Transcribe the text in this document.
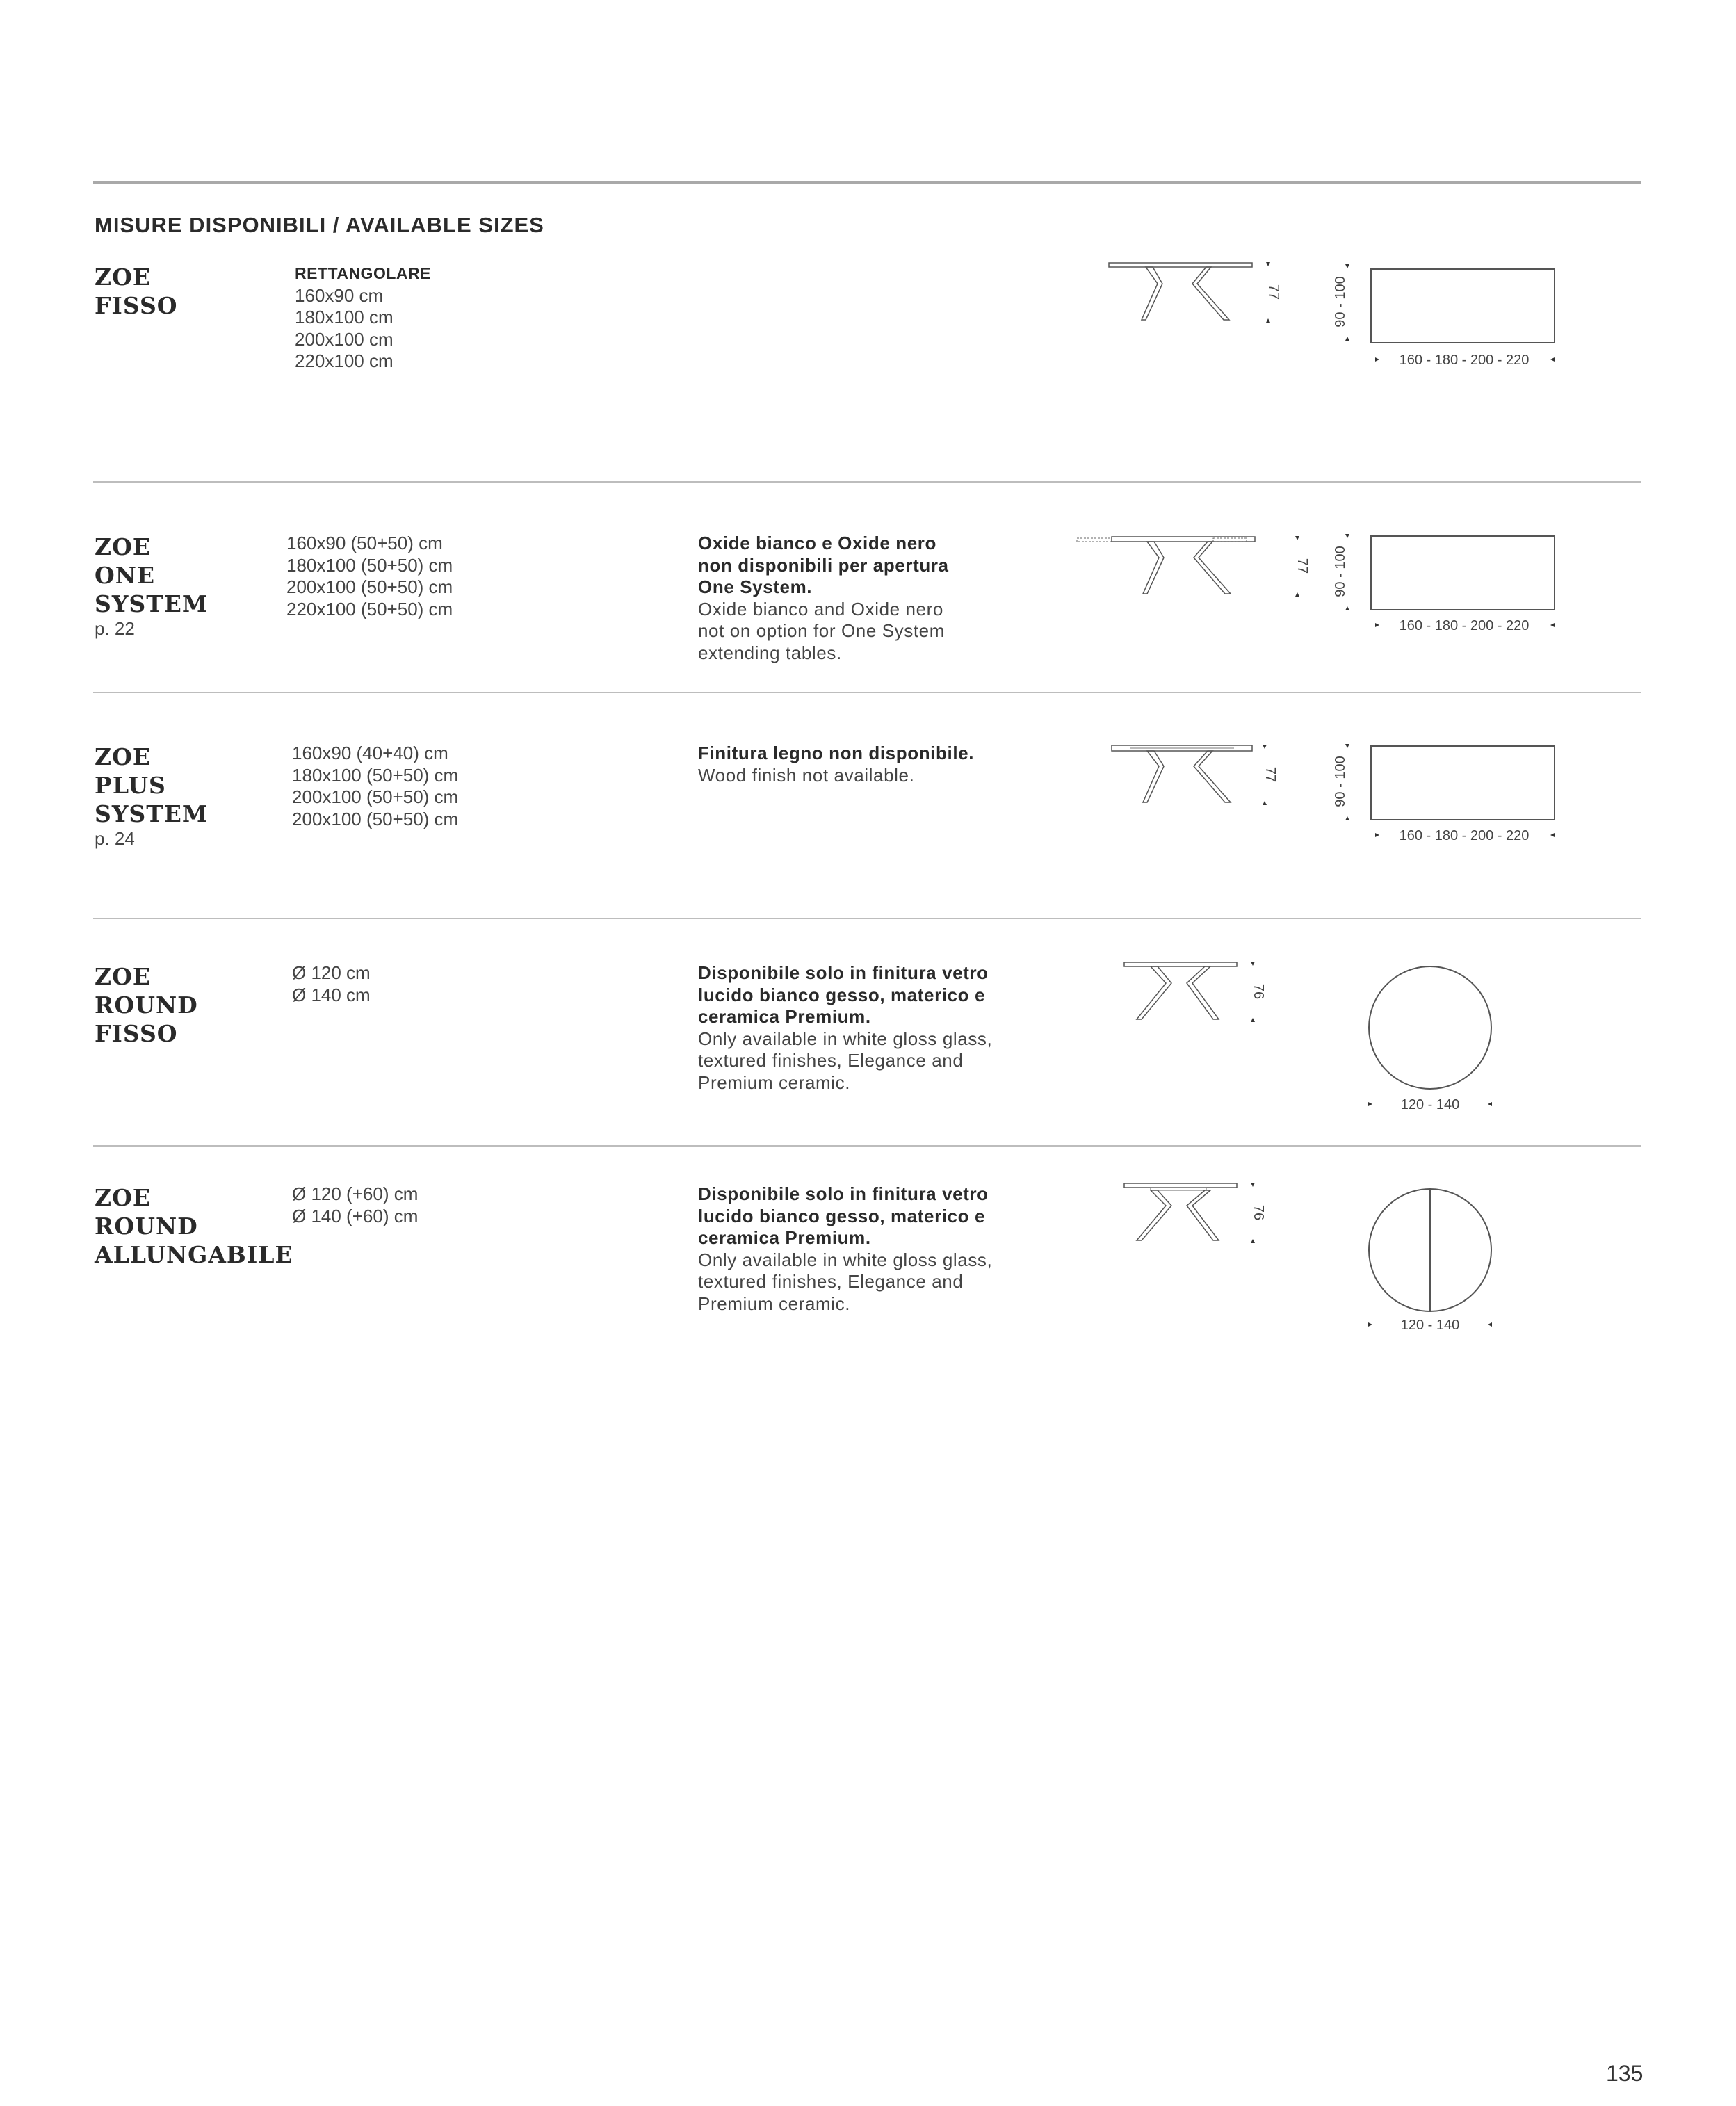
MISURE DISPONIBILI / AVAILABLE SIZES
ZOE
FISSO
RETTANGOLARE
160x90 cm
180x100 cm
200x100 cm
220x100 cm
77	90 - 100
160 - 180 - 200 - 220
ZOE
ONE
SYSTEM
p. 22
160x90 (50+50) cm
180x100 (50+50) cm
200x100 (50+50) cm
220x100 (50+50) cm
Oxide bianco e Oxide nero
non disponibili per apertura
One System.
Oxide bianco and Oxide nero
not on option for One System
extending tables.
77 90 - 100
160 - 180 - 200 - 220
ZOE
PLUS
SYSTEM
p. 24
160x90 (40+40) cm
180x100 (50+50) cm
200x100 (50+50) cm
200x100 (50+50) cm
Finitura legno non disponibile.
Wood finish not available.	77	90 - 100
160 - 180 - 200 - 220
ZOE
ROUND
FISSO
Ø 120 cm
Ø 140 cm
Disponibile solo in finitura vetro
lucido bianco gesso, materico e
ceramica Premium.
Only available in white gloss glass,
textured finishes, Elegance and
Premium ceramic.
76
120 - 140
ZOE
ROUND
ALLUNGABILE
Ø 120 (+60) cm
Ø 140 (+60) cm
Disponibile solo in finitura vetro
lucido bianco gesso, materico e
ceramica Premium.
Only available in white gloss glass,
textured finishes, Elegance and
Premium ceramic.
76
120 - 140
135
